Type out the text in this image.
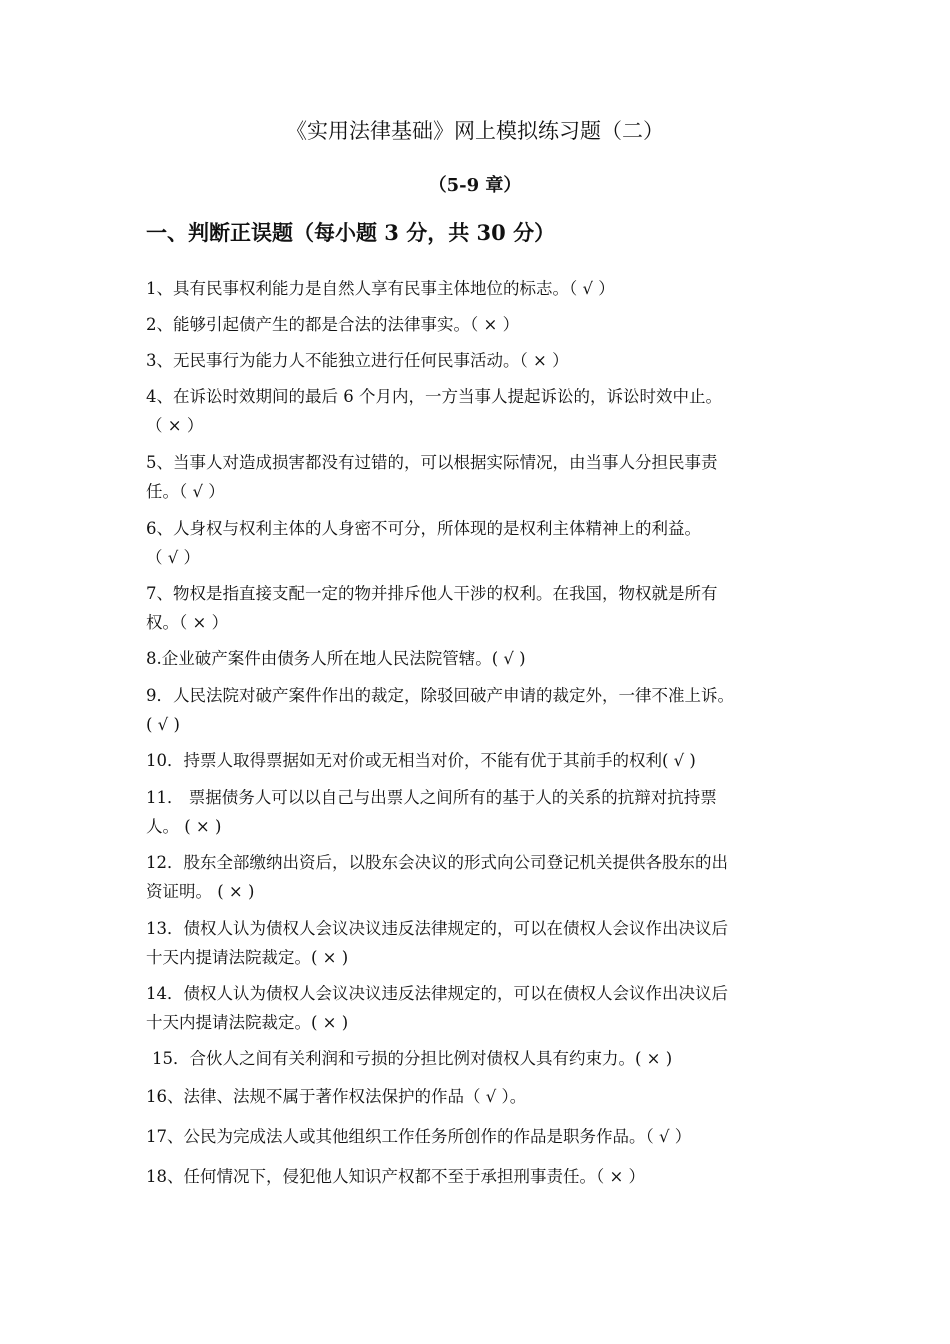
《实用法律基础》网上模拟练习题（二）
（5-9 章）
一、判断正误题（每小题 3 分，共 30 分）
1、具有民事权利能力是自然人享有民事主体地位的标志。（ √ ）
2、能够引起债产生的都是合法的法律事实。（ × ）
3、无民事行为能力人不能独立进行任何民事活动。（ × ）
4、在诉讼时效期间的最后 6 个月内，一方当事人提起诉讼的，诉讼时效中止。
（ × ）
5、当事人对造成损害都没有过错的，可以根据实际情况，由当事人分担民事责
任。（ √ ）
6、人身权与权利主体的人身密不可分，所体现的是权利主体精神上的利益。
（ √ ）
7、物权是指直接支配一定的物并排斥他人干涉的权利。在我国，物权就是所有
权。（ × ）
8.企业破产案件由债务人所在地人民法院管辖。( √ )
9．人民法院对破产案件作出的裁定，除驳回破产申请的裁定外，一律不准上诉。
( √ )
10．持票人取得票据如无对价或无相当对价，不能有优于其前手的权利( √ )
11． 票据债务人可以以自己与出票人之间所有的基于人的关系的抗辩对抗持票
人。 ( × )
12．股东全部缴纳出资后，以股东会决议的形式向公司登记机关提供各股东的出
资证明。 ( × )
13．债权人认为债权人会议决议违反法律规定的，可以在债权人会议作出决议后
十天内提请法院裁定。( × )
14．债权人认为债权人会议决议违反法律规定的，可以在债权人会议作出决议后
十天内提请法院裁定。( × )
15．合伙人之间有关利润和亏损的分担比例对债权人具有约束力。( × )
16、法律、法规不属于著作权法保护的作品（ √ ）。
17、公民为完成法人或其他组织工作任务所创作的作品是职务作品。（ √ ）
18、任何情况下，侵犯他人知识产权都不至于承担刑事责任。（ × ）
